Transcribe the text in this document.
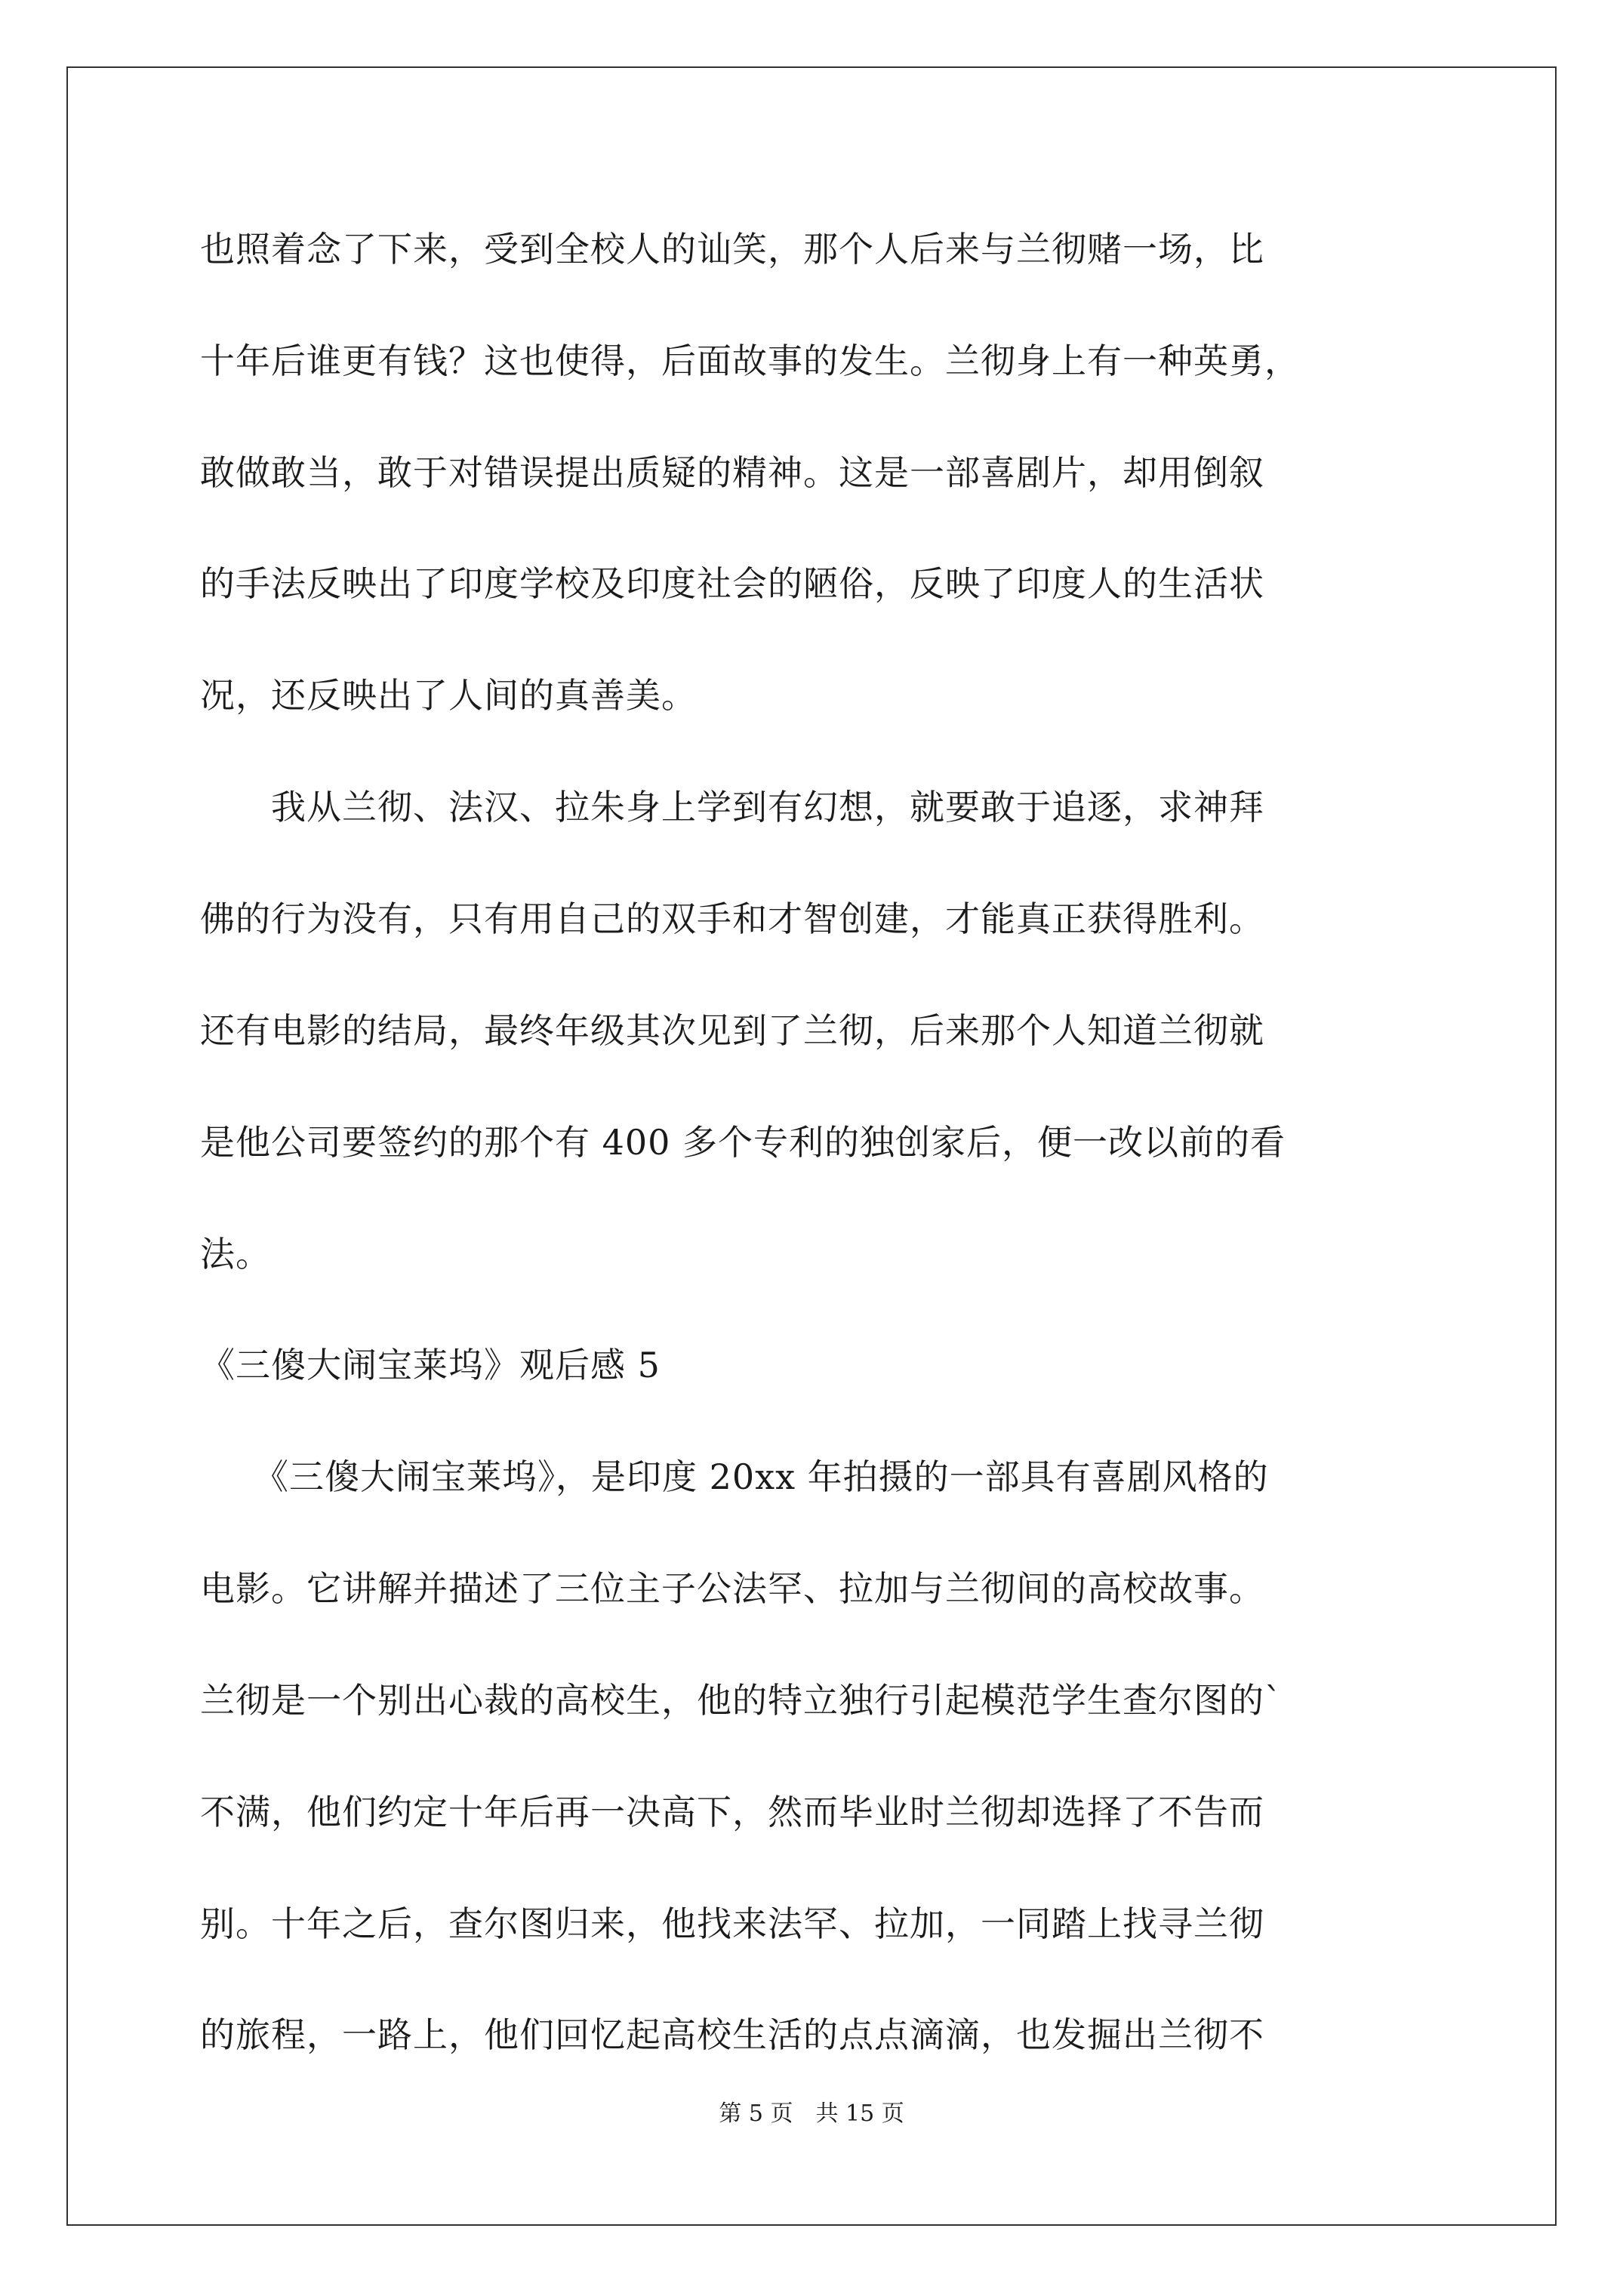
也照着念了下来，受到全校人的讪笑，那个人后来与兰彻赌一场，比
十年后谁更有钱？这也使得，后面故事的发生。兰彻身上有一种英勇，
敢做敢当，敢于对错误提出质疑的精神。这是一部喜剧片，却用倒叙
的手法反映出了印度学校及印度社会的陋俗，反映了印度人的生活状
况，还反映出了人间的真善美。
　　我从兰彻、法汉、拉朱身上学到有幻想，就要敢于追逐，求神拜
佛的行为没有，只有用自己的双手和才智创建，才能真正获得胜利。
还有电影的结局，最终年级其次见到了兰彻，后来那个人知道兰彻就
是他公司要签约的那个有 400 多个专利的独创家后，便一改以前的看
法。
《三傻大闹宝莱坞》观后感 5
　　《三傻大闹宝莱坞》，是印度 20xx 年拍摄的一部具有喜剧风格的
电影。它讲解并描述了三位主子公法罕、拉加与兰彻间的高校故事。
兰彻是一个别出心裁的高校生，他的特立独行引起模范学生查尔图的`
不满，他们约定十年后再一决高下，然而毕业时兰彻却选择了不告而
别。十年之后，查尔图归来，他找来法罕、拉加，一同踏上找寻兰彻
的旅程，一路上，他们回忆起高校生活的点点滴滴，也发掘出兰彻不
第 5 页　共 15 页
